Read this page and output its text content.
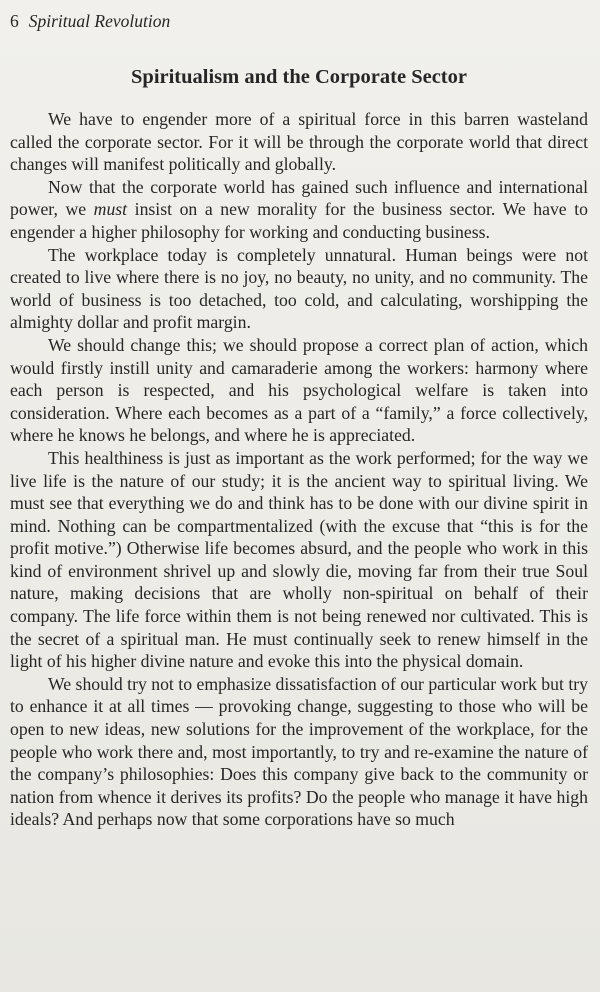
6 Spiritual Revolution
Spiritualism and the Corporate Sector

We have to engender more of a spiritual force in this barren wasteland called the corporate sector. For it will be through the corporate world that direct changes will manifest politically and globally.

Now that the corporate world has gained such influence and international power, we must insist on a new morality for the business sector. We have to engender a higher philosophy for working and conducting business.

The workplace today is completely unnatural. Human beings were not created to live where there is no joy, no beauty, no unity, and no community. The world of business is too detached, too cold, and calculating, worshipping the almighty dollar and profit margin.

We should change this; we should propose a correct plan of action, which would firstly instill unity and camaraderie among the workers: harmony where each person is respected, and his psychological welfare is taken into consideration. Where each becomes as a part of a “family,” a force collectively, where he knows he belongs, and where he is appreciated.

This healthiness is just as important as the work performed; for the way we live life is the nature of our study; it is the ancient way to spiritual living. We must see that everything we do and think has to be done with our divine spirit in mind. Nothing can be compartmentalized (with the excuse that “this is for the profit motive.”) Otherwise life becomes absurd, and the people who work in this kind of environment shrivel up and slowly die, moving far from their true Soul nature, making decisions that are wholly non-spiritual on behalf of their company. The life force within them is not being renewed nor cultivated. This is the secret of a spiritual man. He must continually seek to renew himself in the light of his higher divine nature and evoke this into the physical domain.

We should try not to emphasize dissatisfaction of our particular work but try to enhance it at all times — provoking change, suggesting to those who will be open to new ideas, new solutions for the improvement of the workplace, for the people who work there and, most importantly, to try and re-examine the nature of the company’s philosophies: Does this company give back to the community or nation from whence it derives its profits? Do the people who manage it have high ideals? And perhaps now that some corporations have so much
